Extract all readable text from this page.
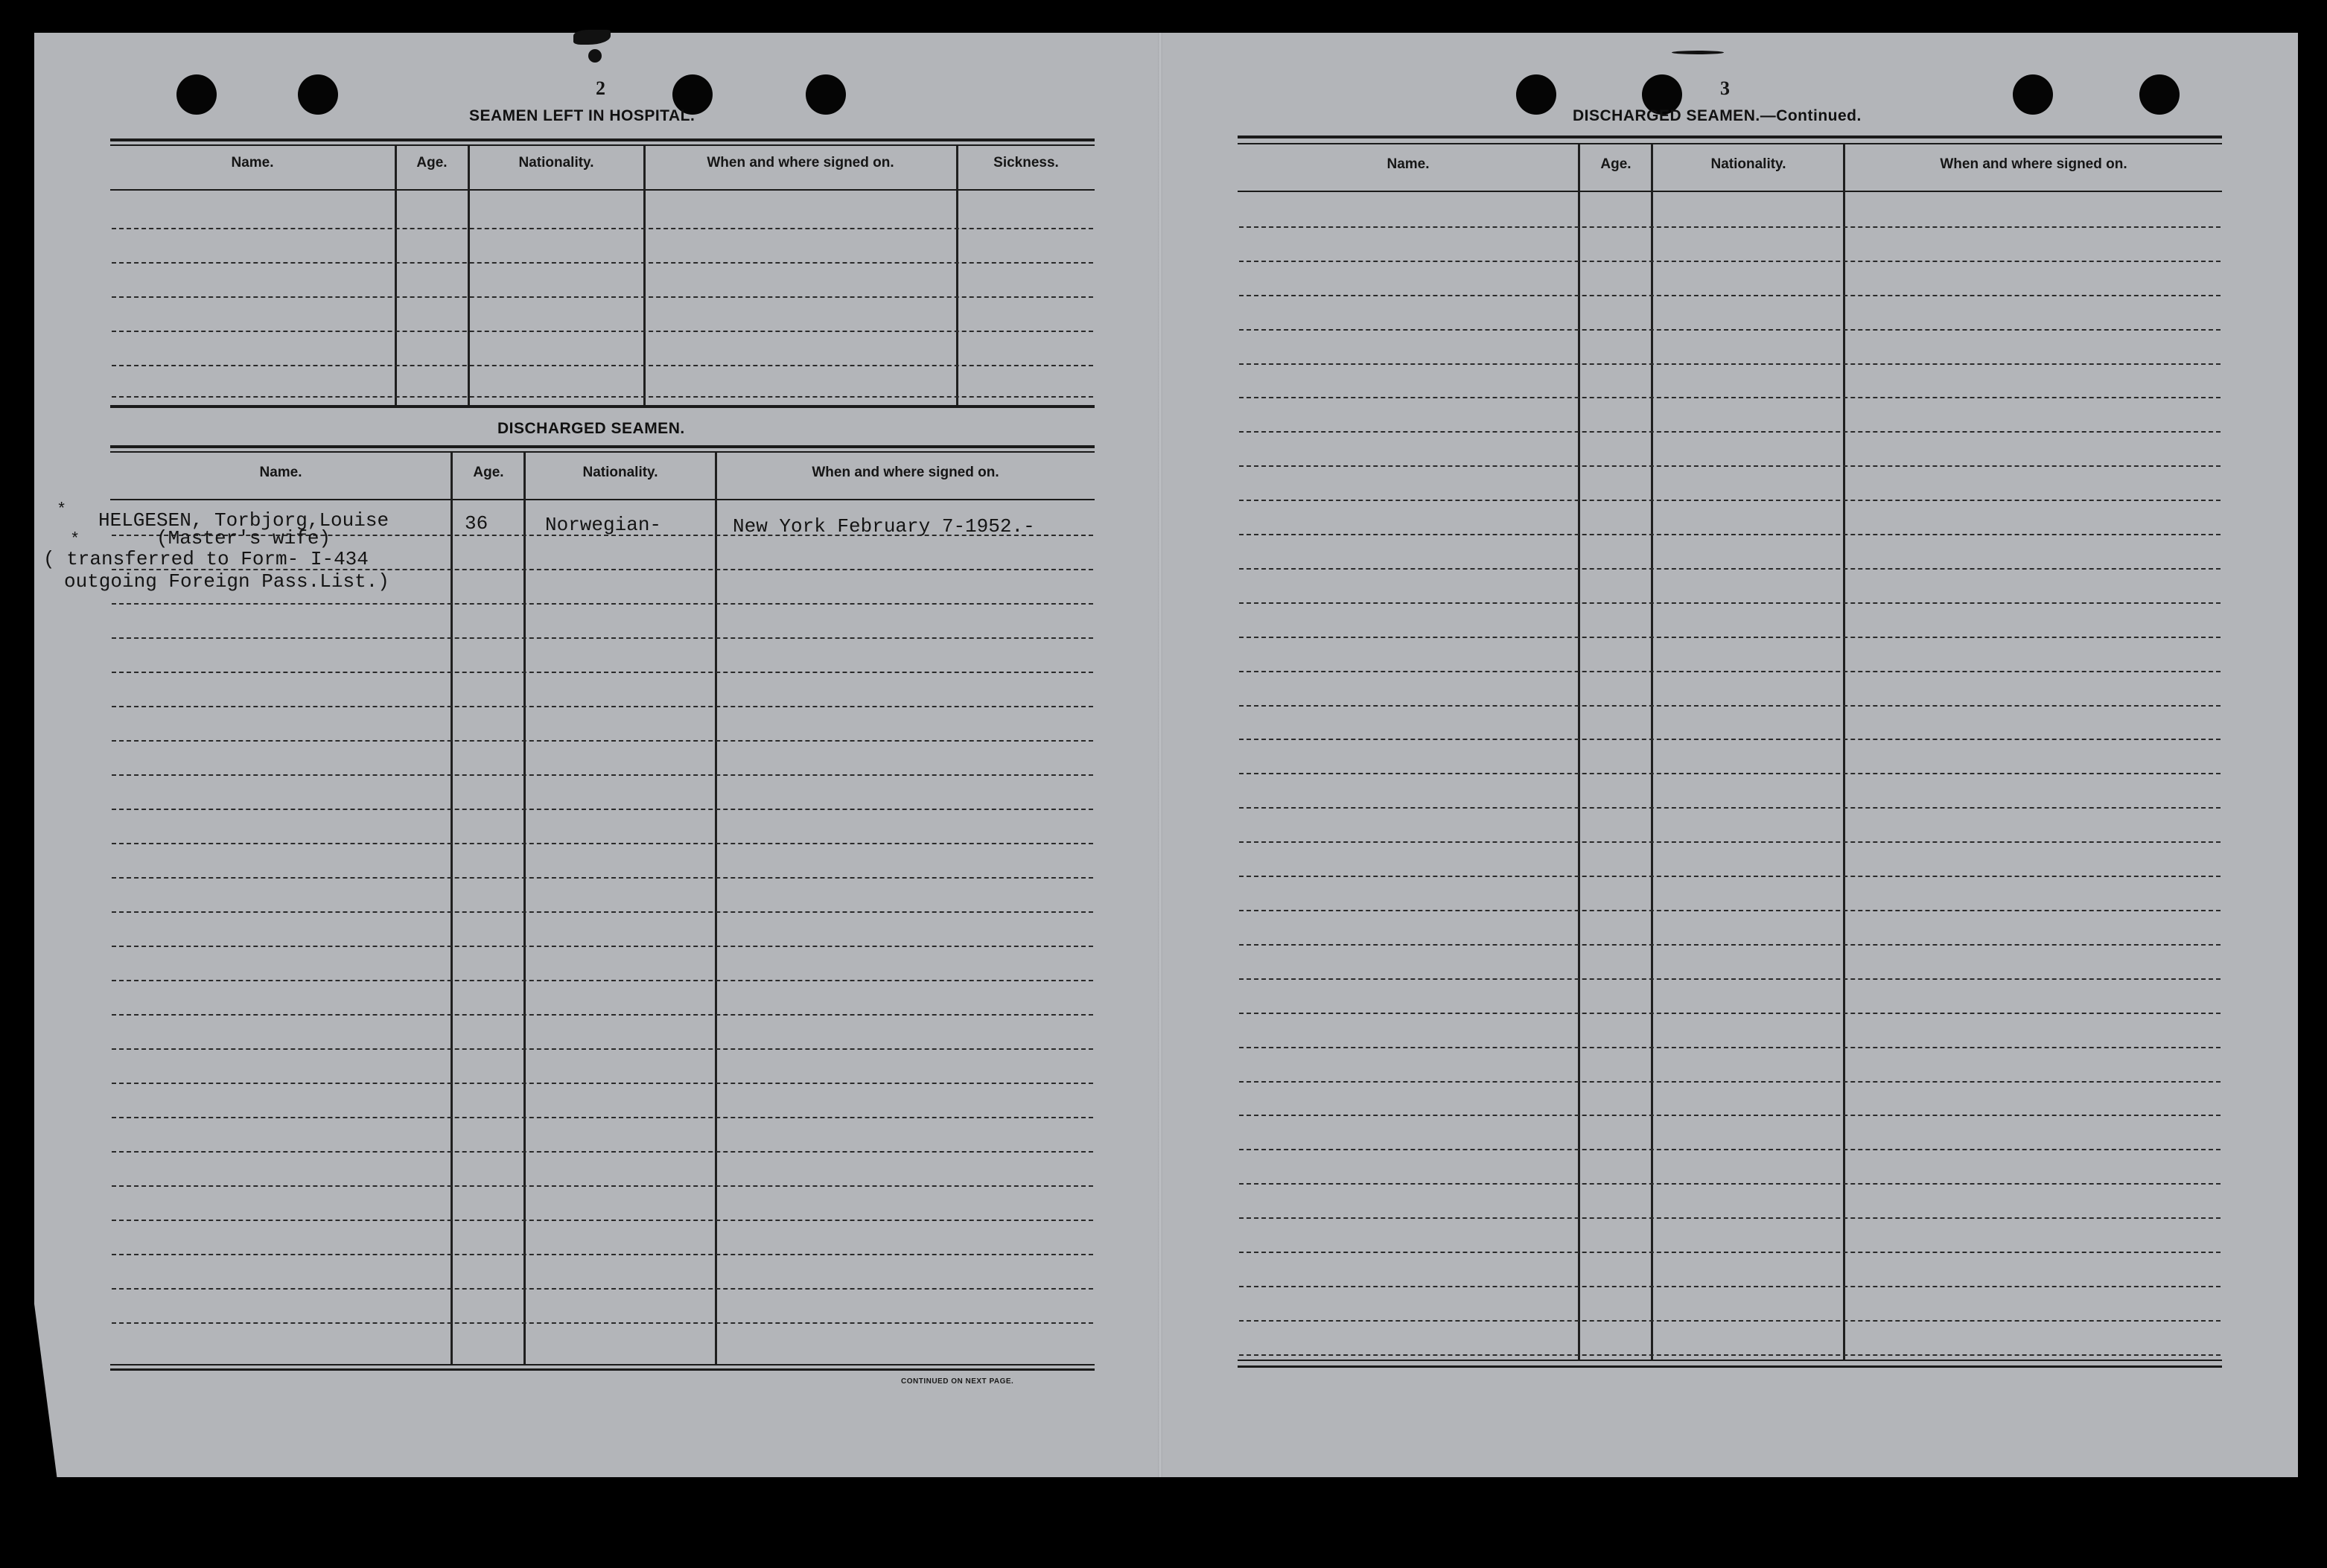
2
SEAMEN LEFT IN HOSPITAL.
Name.	Age.	Nationality.	When and where signed on.	Sickness.
DISCHARGED SEAMEN.
Name.	Age.	Nationality.	When and where signed on.
CONTINUED ON NEXT PAGE.
* HELGESEN, Torbjorg,Louise
*	(Master's wife)
( transferred to Form- I-434
outgoing Foreign Pass.List.)
36	Norwegian-	New York February 7-1952.-
3
DISCHARGED SEAMEN.—Continued.
Name.	Age.	Nationality.	When and where signed on.
